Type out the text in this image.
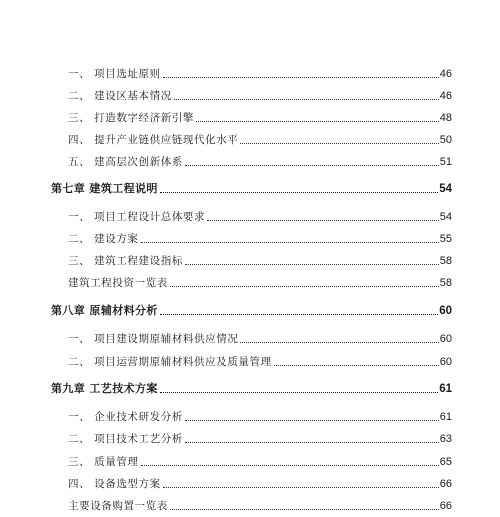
一、 项目选址原则	46
二、 建设区基本情况	46
三、 打造数字经济新引擎	48
四、 提升产业链供应链现代化水平	50
五、 建高层次创新体系	51
第七章 建筑工程说明	54
一、 项目工程设计总体要求	54
二、 建设方案	55
三、 建筑工程建设指标	58
建筑工程投资一览表	58
第八章 原辅材料分析	60
一、 项目建设期原辅材料供应情况	60
二、 项目运营期原辅材料供应及质量管理	60
第九章 工艺技术方案	61
一、 企业技术研发分析	61
二、 项目技术工艺分析	63
三、 质量管理	65
四、 设备选型方案	66
主要设备购置一览表	66
